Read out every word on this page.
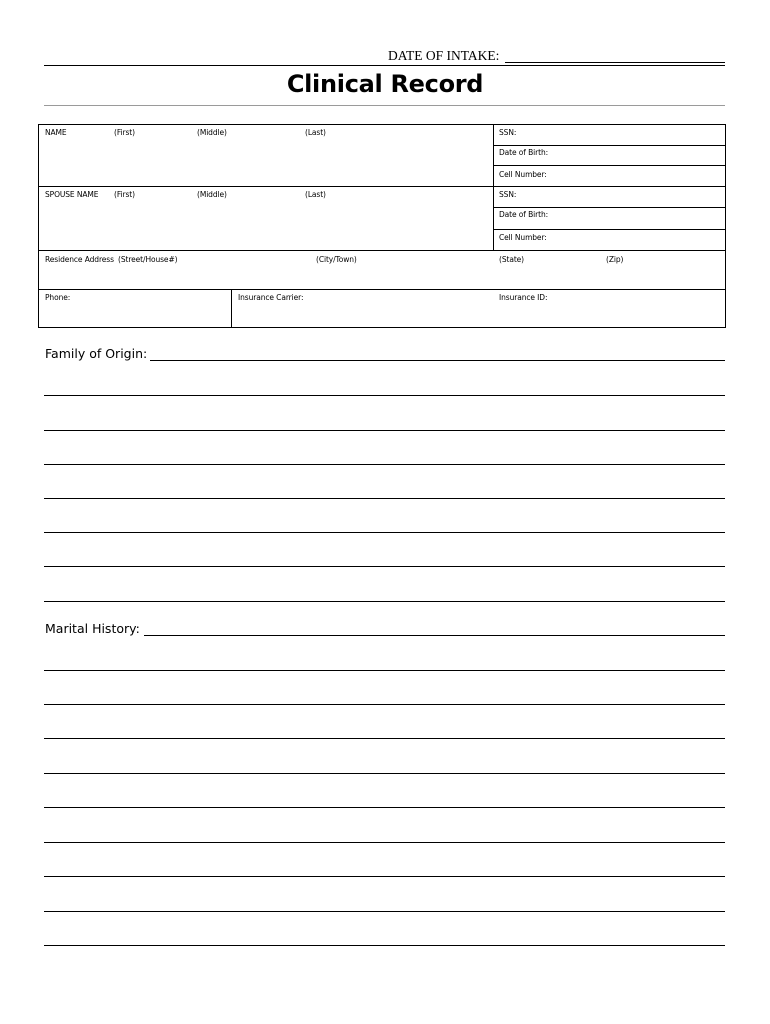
DATE OF INTAKE:
Clinical Record
NAME	(First)	(Middle)	(Last)	SSN:
Date of Birth:
Cell Number:
SPOUSE NAME (First)	(Middle)	(Last)	SSN:
Date of Birth:
Cell Number:
Residence Address (Street/House#)	(City/Town)	(State)	(Zip)
Phone:	Insurance Carrier:	Insurance ID:
Family of Origin:
Marital History:
